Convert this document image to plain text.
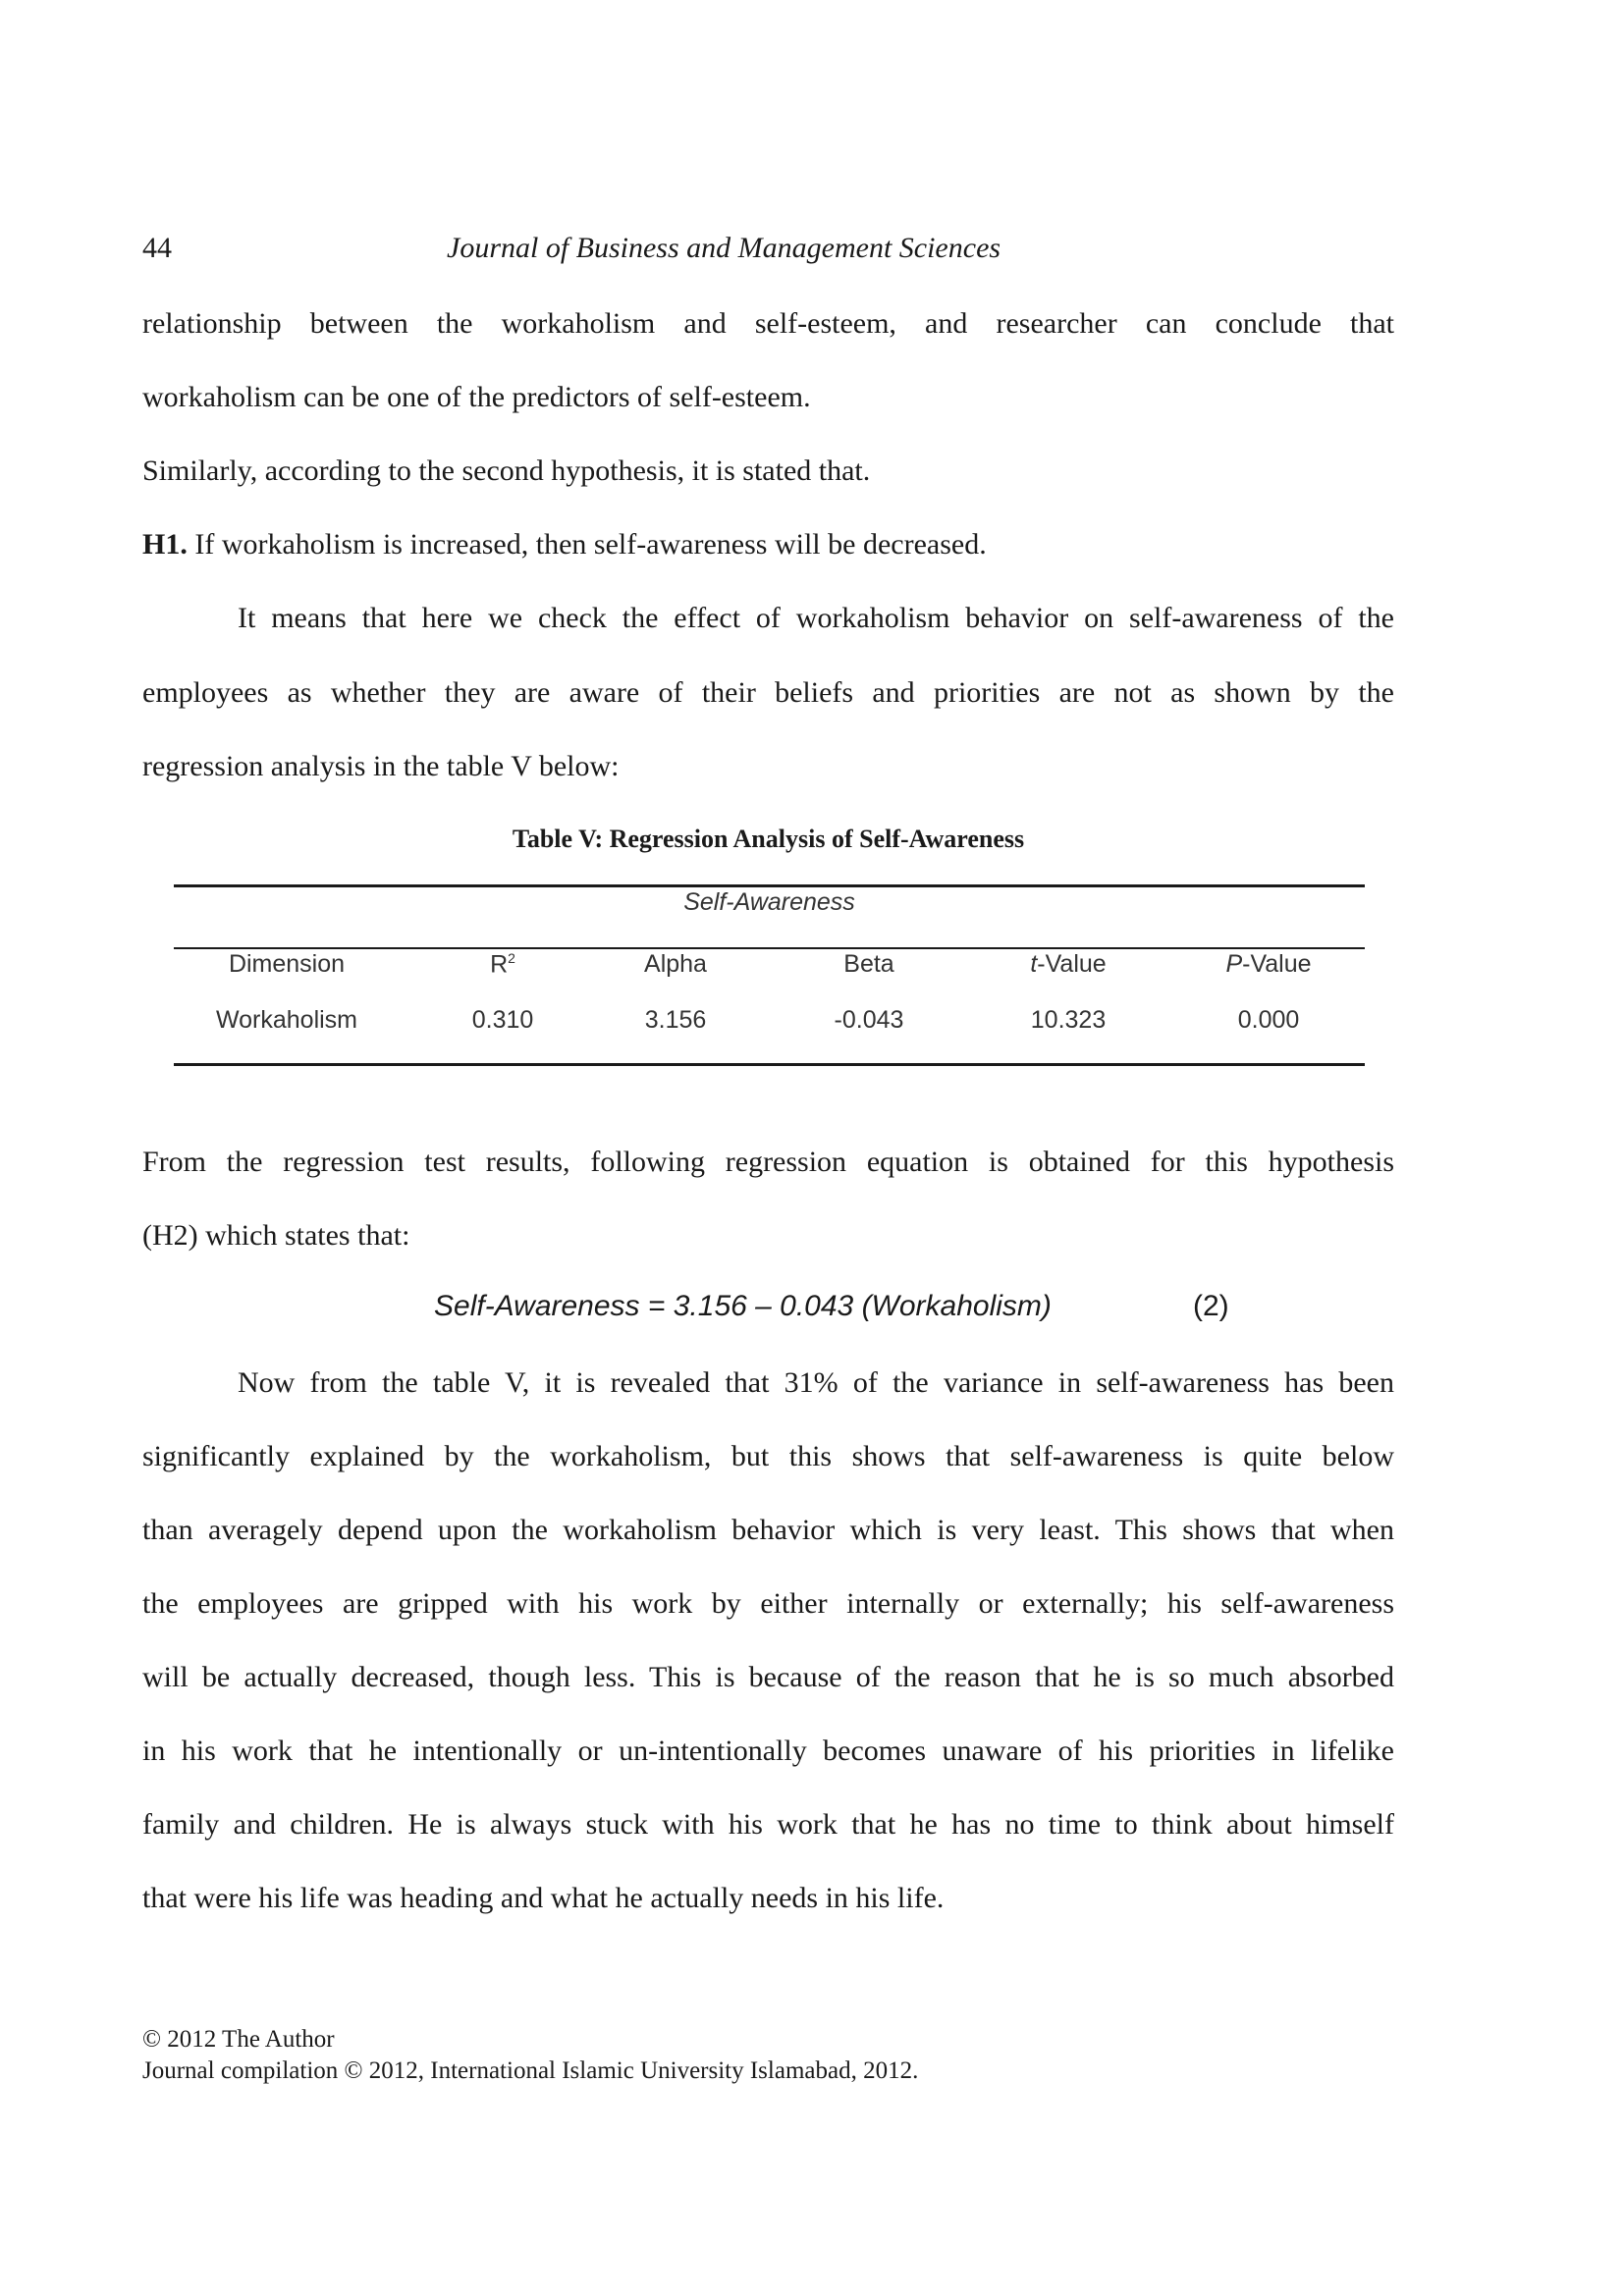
44	Journal of Business and Management Sciences
relationship between the workaholism and self-esteem, and researcher can conclude that
workaholism can be one of the predictors of self-esteem.
Similarly, according to the second hypothesis, it is stated that.
H1. If workaholism is increased, then self-awareness will be decreased.
It means that here we check the effect of workaholism behavior on self-awareness of the
employees as whether they are aware of their beliefs and priorities are not as shown by the
regression analysis in the table V below:
Table V: Regression Analysis of Self-Awareness
Self-Awareness
Dimension	$R^2$	Alpha	Beta	t-Value	P-Value
Workaholism	0.310	3.156	-0.043	10.323	0.000
From the regression test results, following regression equation is obtained for this hypothesis
(H2) which states that:
Self-Awareness = 3.156 – 0.043 (Workaholism)	(2)
Now from the table V, it is revealed that 31% of the variance in self-awareness has been
significantly explained by the workaholism, but this shows that self-awareness is quite below
than averagely depend upon the workaholism behavior which is very least. This shows that when
the employees are gripped with his work by either internally or externally; his self-awareness
will be actually decreased, though less. This is because of the reason that he is so much absorbed
in his work that he intentionally or un-intentionally becomes unaware of his priorities in lifelike
family and children. He is always stuck with his work that he has no time to think about himself
that were his life was heading and what he actually needs in his life.
© 2012 The Author
Journal compilation © 2012, International Islamic University Islamabad, 2012.
